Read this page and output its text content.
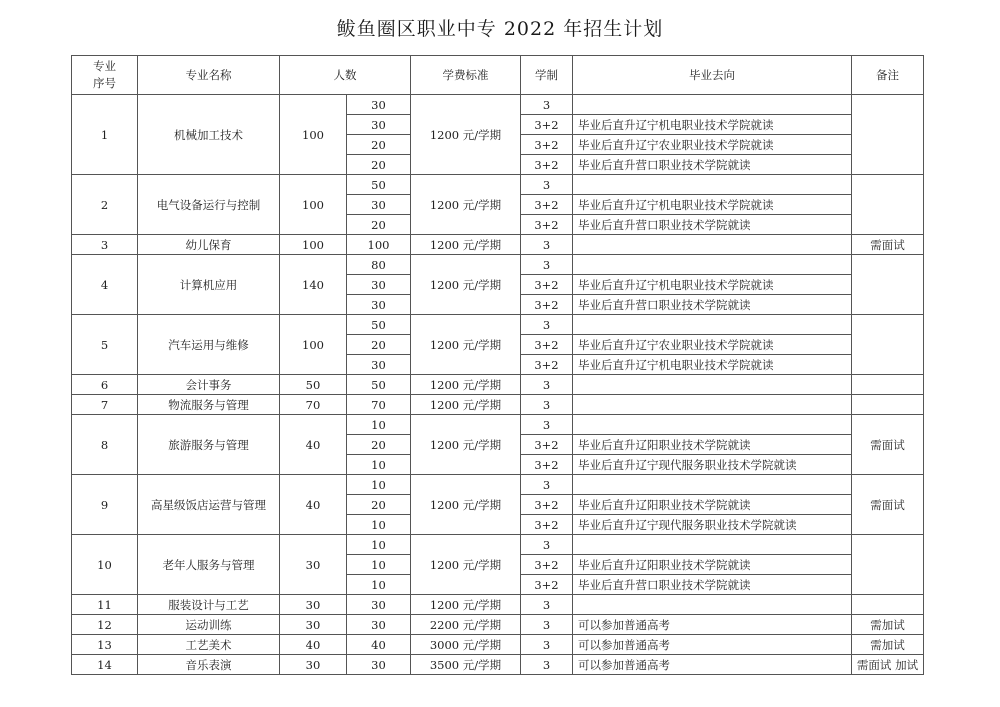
鲅鱼圈区职业中专 2022 年招生计划
专业
序号	专业名称	人数		学费标准	学制	毕业去向	备注
1	机械加工技术	100	30	1200 元/学期	3		
			30		3+2	毕业后直升辽宁机电职业技术学院就读	
			20		3+2	毕业后直升辽宁农业职业技术学院就读	
			20		3+2	毕业后直升营口职业技术学院就读	
2	电气设备运行与控制	100	50	1200 元/学期	3		
			30		3+2	毕业后直升辽宁机电职业技术学院就读	
			20		3+2	毕业后直升营口职业技术学院就读	
3	幼儿保育	100	100	1200 元/学期	3		需面试
4	计算机应用	140	80	1200 元/学期	3		
			30		3+2	毕业后直升辽宁机电职业技术学院就读	
			30		3+2	毕业后直升营口职业技术学院就读	
5	汽车运用与维修	100	50	1200 元/学期	3		
			20		3+2	毕业后直升辽宁农业职业技术学院就读	
			30		3+2	毕业后直升辽宁机电职业技术学院就读	
6	会计事务	50	50	1200 元/学期	3		
7	物流服务与管理	70	70	1200 元/学期	3		
8	旅游服务与管理	40	10	1200 元/学期	3		需面试
			20		3+2	毕业后直升辽阳职业技术学院就读	
			10		3+2	毕业后直升辽宁现代服务职业技术学院就读	
9	高星级饭店运营与管理	40	10	1200 元/学期	3		需面试
			20		3+2	毕业后直升辽阳职业技术学院就读	
			10		3+2	毕业后直升辽宁现代服务职业技术学院就读	
10	老年人服务与管理	30	10	1200 元/学期	3		
			10		3+2	毕业后直升辽阳职业技术学院就读	
			10		3+2	毕业后直升营口职业技术学院就读	
11	服装设计与工艺	30	30	1200 元/学期	3		
12	运动训练	30	30	2200 元/学期	3	可以参加普通高考	需加试
13	工艺美术	40	40	3000 元/学期	3	可以参加普通高考	需加试
14	音乐表演	30	30	3500 元/学期	3	可以参加普通高考	需面试 加试
